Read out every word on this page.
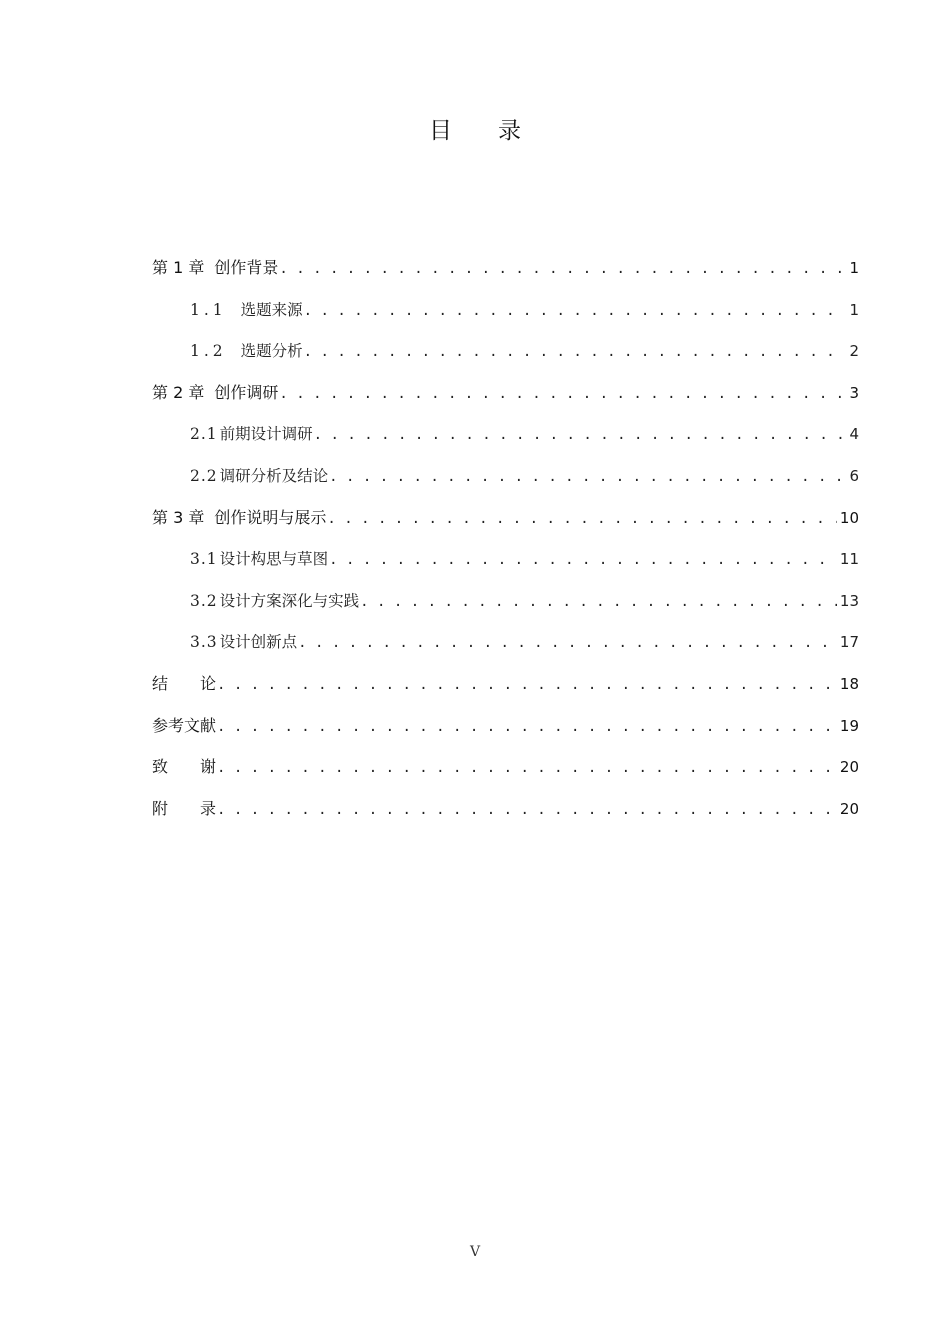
目 录
第 1 章 创作背景 . . .	1
1.1 选题来源 . . .	1
1.2 选题分析 . . .	2
第 2 章 创作调研 . . .	3
2.1 前期设计调研 . . .	4
2.2 调研分析及结论 . . .	6
第 3 章 创作说明与展示 . . .	10
3.1 设计构思与草图 . . .	11
3.2 设计方案深化与实践 . . .	13
3.3 设计创新点 . . .	17
结论 . . .	18
参考文献 . . .	19
致谢 . . .	20
附录 . . .	20
V
